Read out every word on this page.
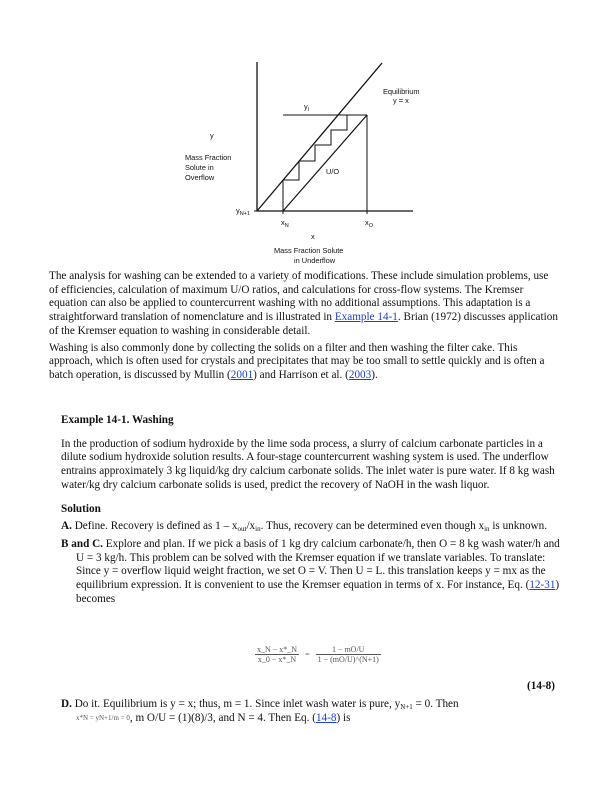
Equilibrium
y = x
$y_l$
y
Mass Fraction
Solute in
Overflow
$y_{N+1}$
U/O
$x_N$	$x_O$
x
Mass Fraction Solute
in Underflow

The analysis for washing can be extended to a variety of modifications. These include simulation problems, use of efficiencies, calculation of maximum U/O ratios, and calculations for cross-flow systems. The Kremser equation can also be applied to countercurrent washing with no additional assumptions. This adaptation is a straightforward translation of nomenclature and is illustrated in Example 14-1. Brian (1972) discusses application of the Kremser equation to washing in considerable detail.

Washing is also commonly done by collecting the solids on a filter and then washing the filter cake. This approach, which is often used for crystals and precipitates that may be too small to settle quickly and is often a batch operation, is discussed by Mullin (2001) and Harrison et al. (2003).

Example 14-1. Washing

In the production of sodium hydroxide by the lime soda process, a slurry of calcium carbonate particles in a dilute sodium hydroxide solution results. A four-stage countercurrent washing system is used. The underflow entrains approximately 3 kg liquid/kg dry calcium carbonate solids. The inlet water is pure water. If 8 kg wash water/kg dry calcium carbonate solids is used, predict the recovery of NaOH in the wash liquor.

Solution

A. Define. Recovery is defined as $1 - x_{out}/x_{in}$. Thus, recovery can be determined even though $x_{in}$ is unknown.

B and C. Explore and plan. If we pick a basis of 1 kg dry calcium carbonate/h, then O = 8 kg wash water/h and U = 3 kg/h. This problem can be solved with the Kremser equation if we translate variables. To translate: Since y = overflow liquid weight fraction, we set O = V. Then U = L. this translation keeps y = mx as the equilibrium expression. It is convenient to use the Kremser equation in terms of x. For instance, Eq. (12-31) becomes

$\frac{x\_N - x*\_N}{x\_0 - x*\_N} = \frac{1 - mO/U}{1 - (mO/U)\^{}(N+1)}$
(14-8)

D. Do it. Equilibrium is y = x; thus, m = 1. Since inlet wash water is pure, $y_{N+1} = 0$. Then
x*N = yN+1/m = 0, m O/U = (1)(8)/3, and N = 4. Then Eq. (14-8) is
